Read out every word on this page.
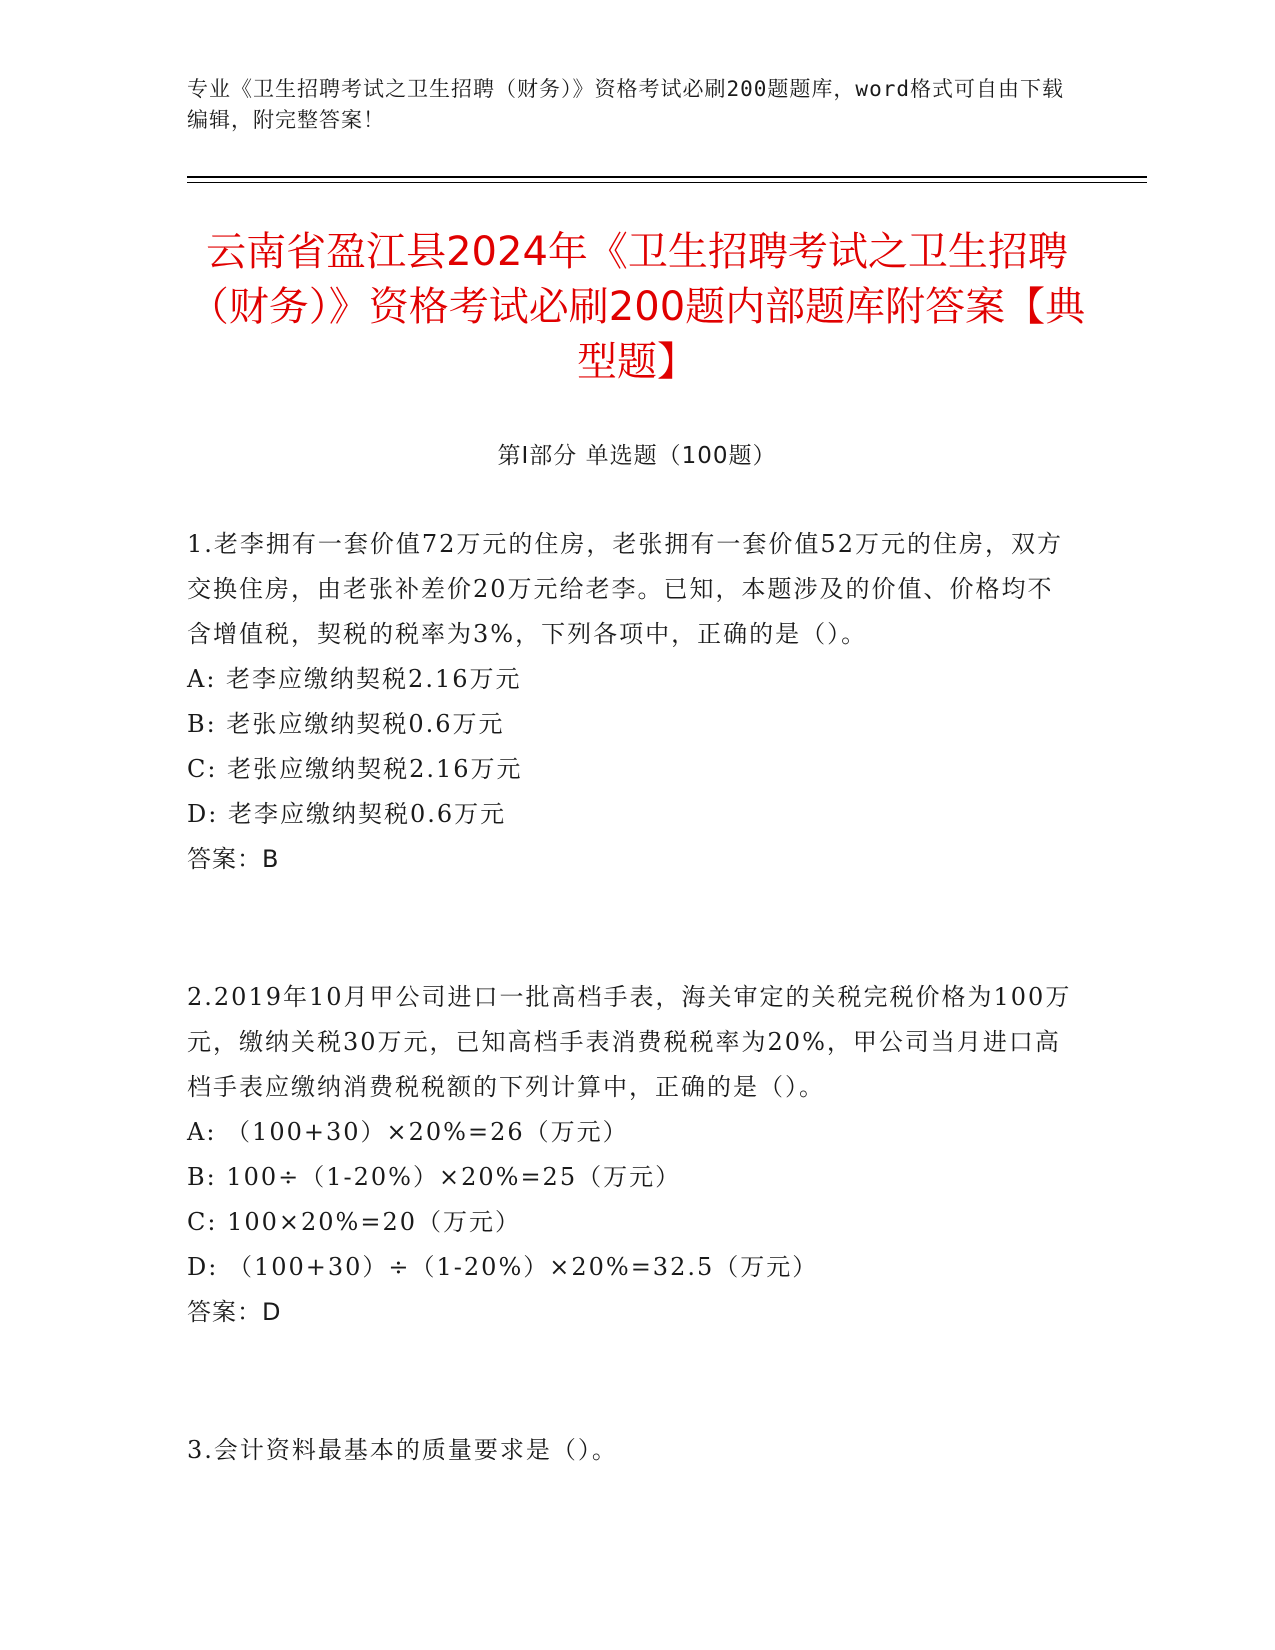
专业《卫生招聘考试之卫生招聘（财务）》资格考试必刷200题题库，word格式可自由下载编辑，附完整答案！
云南省盈江县2024年《卫生招聘考试之卫生招聘（财务）》资格考试必刷200题内部题库附答案【典型题】
第I部分 单选题（100题）

1.老李拥有一套价值72万元的住房，老张拥有一套价值52万元的住房，双方交换住房，由老张补差价20万元给老李。已知，本题涉及的价值、价格均不含增值税，契税的税率为3%，下列各项中，正确的是（）。

A: 老李应缴纳契税2.16万元

B: 老张应缴纳契税0.6万元

C: 老张应缴纳契税2.16万元

D: 老李应缴纳契税0.6万元

答案：B

2.2019年10月甲公司进口一批高档手表，海关审定的关税完税价格为100万元，缴纳关税30万元，已知高档手表消费税税率为20%，甲公司当月进口高档手表应缴纳消费税税额的下列计算中，正确的是（）。

A: （100+30）×20%=26（万元）

B: 100÷（1-20%）×20%=25（万元）

C: 100×20%=20（万元）

D: （100+30）÷（1-20%）×20%=32.5（万元）

答案：D

3.会计资料最基本的质量要求是（）。
